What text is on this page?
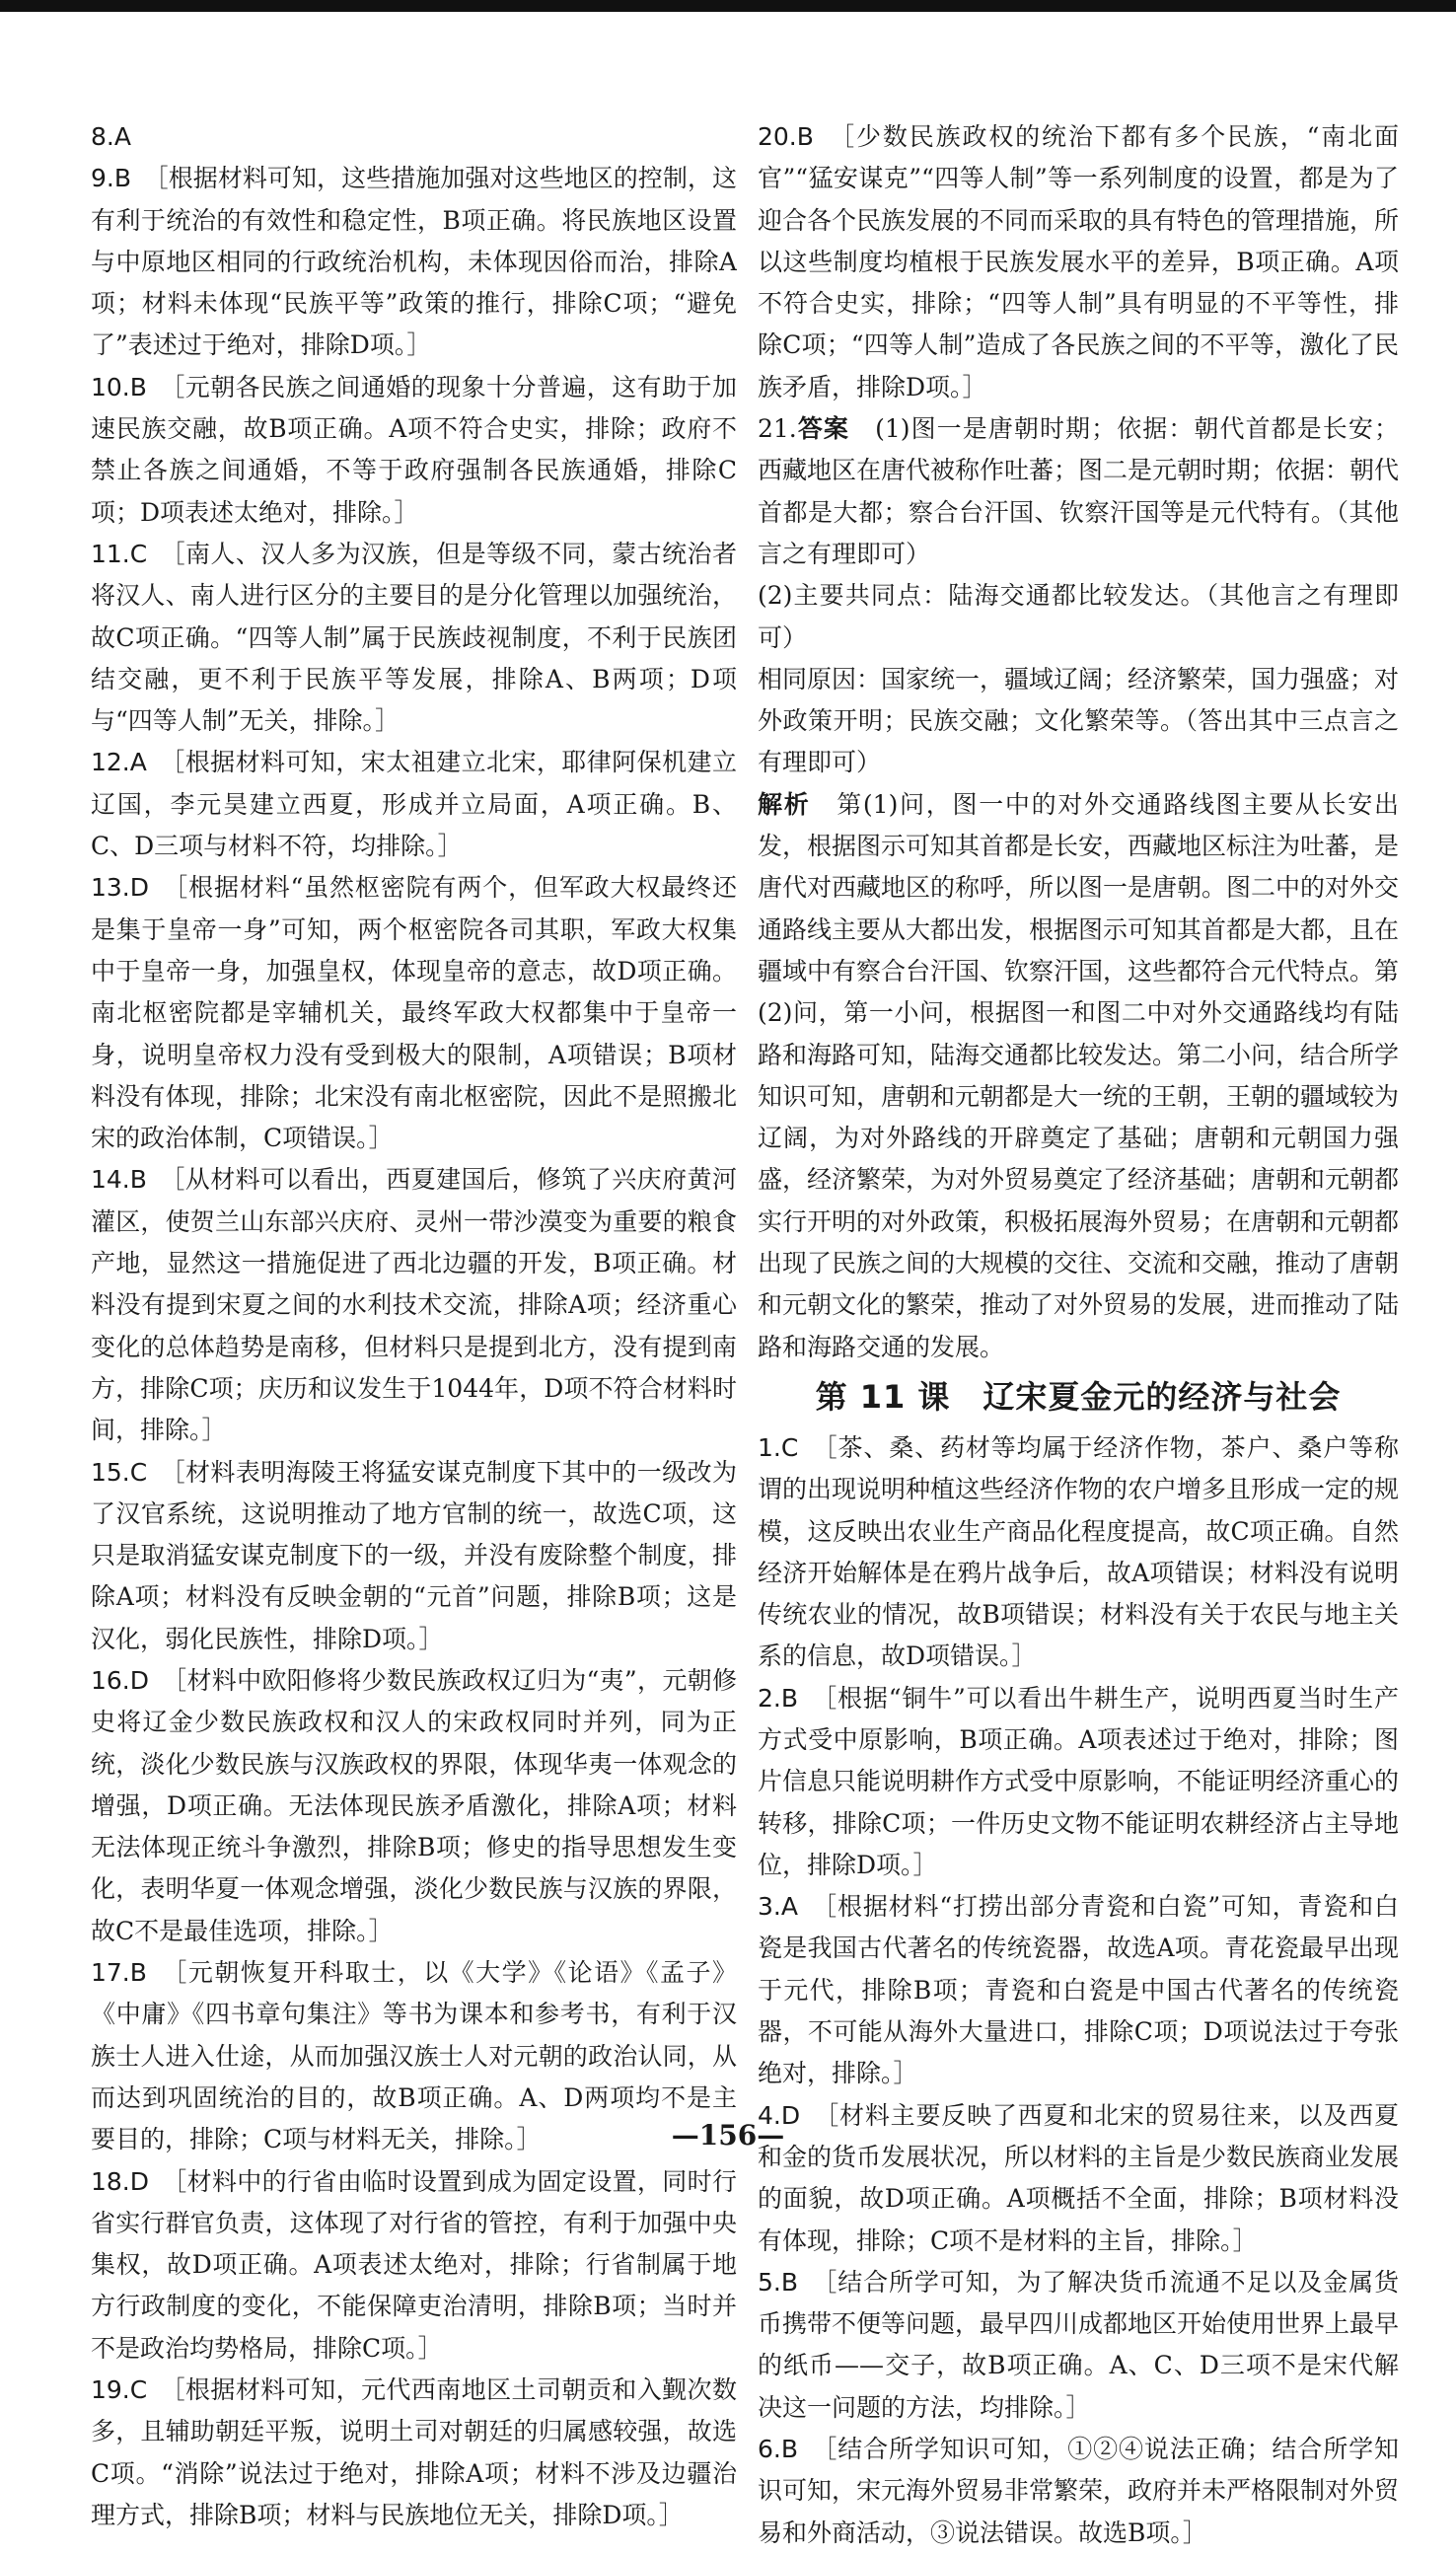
8.A　

9.B　 ［根据材料可知，这些措施加强对这些地区的控制，这有利于统治的有效性和稳定性，B项正确。将民族地区设置与中原地区相同的行政统治机构，未体现因俗而治，排除A项；材料未体现“民族平等”政策的推行，排除C项；“避免了”表述过于绝对，排除D项。］

10.B　 ［元朝各民族之间通婚的现象十分普遍，这有助于加速民族交融，故B项正确。A项不符合史实，排除；政府不禁止各族之间通婚，不等于政府强制各民族通婚，排除C项；D项表述太绝对，排除。］

11.C　 ［南人、汉人多为汉族，但是等级不同，蒙古统治者将汉人、南人进行区分的主要目的是分化管理以加强统治，故C项正确。“四等人制”属于民族歧视制度，不利于民族团结交融，更不利于民族平等发展，排除A、B两项；D项与“四等人制”无关，排除。］

12.A　 ［根据材料可知，宋太祖建立北宋，耶律阿保机建立辽国，李元昊建立西夏，形成并立局面，A项正确。B、C、D三项与材料不符，均排除。］

13.D　 ［根据材料“虽然枢密院有两个，但军政大权最终还是集于皇帝一身”可知，两个枢密院各司其职，军政大权集中于皇帝一身，加强皇权，体现皇帝的意志，故D项正确。南北枢密院都是宰辅机关，最终军政大权都集中于皇帝一身，说明皇帝权力没有受到极大的限制，A项错误；B项材料没有体现，排除；北宋没有南北枢密院，因此不是照搬北宋的政治体制，C项错误。］

14.B　 ［从材料可以看出，西夏建国后，修筑了兴庆府黄河灌区，使贺兰山东部兴庆府、灵州一带沙漠变为重要的粮食产地，显然这一措施促进了西北边疆的开发，B项正确。材料没有提到宋夏之间的水利技术交流，排除A项；经济重心变化的总体趋势是南移，但材料只是提到北方，没有提到南方，排除C项；庆历和议发生于1044年，D项不符合材料时间，排除。］

15.C　 ［材料表明海陵王将猛安谋克制度下其中的一级改为了汉官系统，这说明推动了地方官制的统一，故选C项，这只是取消猛安谋克制度下的一级，并没有废除整个制度，排除A项；材料没有反映金朝的“元首”问题，排除B项；这是汉化，弱化民族性，排除D项。］

16.D　 ［材料中欧阳修将少数民族政权辽归为“夷”，元朝修史将辽金少数民族政权和汉人的宋政权同时并列，同为正统，淡化少数民族与汉族政权的界限，体现华夷一体观念的增强，D项正确。无法体现民族矛盾激化，排除A项；材料无法体现正统斗争激烈，排除B项；修史的指导思想发生变化，表明华夏一体观念增强，淡化少数民族与汉族的界限，故C不是最佳选项，排除。］

17.B　 ［元朝恢复开科取士，以《大学》《论语》《孟子》《中庸》《四书章句集注》等书为课本和参考书，有利于汉族士人进入仕途，从而加强汉族士人对元朝的政治认同，从而达到巩固统治的目的，故B项正确。A、D两项均不是主要目的，排除；C项与材料无关，排除。］

18.D　 ［材料中的行省由临时设置到成为固定设置，同时行省实行群官负责，这体现了对行省的管控，有利于加强中央集权，故D项正确。A项表述太绝对，排除；行省制属于地方行政制度的变化，不能保障吏治清明，排除B项；当时并不是政治均势格局，排除C项。］

19.C　 ［根据材料可知，元代西南地区土司朝贡和入觐次数多，且辅助朝廷平叛，说明土司对朝廷的归属感较强，故选C项。“消除”说法过于绝对，排除A项；材料不涉及边疆治理方式，排除B项；材料与民族地位无关，排除D项。］

20.B　 ［少数民族政权的统治下都有多个民族，“南北面官”“猛安谋克”“四等人制”等一系列制度的设置，都是为了迎合各个民族发展的不同而采取的具有特色的管理措施，所以这些制度均植根于民族发展水平的差异，B项正确。A项不符合史实，排除；“四等人制”具有明显的不平等性，排除C项；“四等人制”造成了各民族之间的不平等，激化了民族矛盾，排除D项。］

21.答案　 (1)图一是唐朝时期；依据：朝代首都是长安；西藏地区在唐代被称作吐蕃；图二是元朝时期；依据：朝代首都是大都；察合台汗国、钦察汗国等是元代特有。（其他言之有理即可）

(2)主要共同点：陆海交通都比较发达。（其他言之有理即可）

相同原因：国家统一，疆域辽阔；经济繁荣，国力强盛；对外政策开明；民族交融；文化繁荣等。（答出其中三点言之有理即可）

解析　 第(1)问，图一中的对外交通路线图主要从长安出发，根据图示可知其首都是长安，西藏地区标注为吐蕃，是唐代对西藏地区的称呼，所以图一是唐朝。图二中的对外交通路线主要从大都出发，根据图示可知其首都是大都，且在疆域中有察合台汗国、钦察汗国，这些都符合元代特点。第(2)问，第一小问，根据图一和图二中对外交通路线均有陆路和海路可知，陆海交通都比较发达。第二小问，结合所学知识可知，唐朝和元朝都是大一统的王朝，王朝的疆域较为辽阔，为对外路线的开辟奠定了基础；唐朝和元朝国力强盛，经济繁荣，为对外贸易奠定了经济基础；唐朝和元朝都实行开明的对外政策，积极拓展海外贸易；在唐朝和元朝都出现了民族之间的大规模的交往、交流和交融，推动了唐朝和元朝文化的繁荣，推动了对外贸易的发展，进而推动了陆路和海路交通的发展。

第 11 课　辽宋夏金元的经济与社会

1.C　 ［茶、桑、药材等均属于经济作物，茶户、桑户等称谓的出现说明种植这些经济作物的农户增多且形成一定的规模，这反映出农业生产商品化程度提高，故C项正确。自然经济开始解体是在鸦片战争后，故A项错误；材料没有说明传统农业的情况，故B项错误；材料没有关于农民与地主关系的信息，故D项错误。］

2.B　 ［根据“铜牛”可以看出牛耕生产，说明西夏当时生产方式受中原影响，B项正确。A项表述过于绝对，排除；图片信息只能说明耕作方式受中原影响，不能证明经济重心的转移，排除C项；一件历史文物不能证明农耕经济占主导地位，排除D项。］

3.A　 ［根据材料“打捞出部分青瓷和白瓷”可知，青瓷和白瓷是我国古代著名的传统瓷器，故选A项。青花瓷最早出现于元代，排除B项；青瓷和白瓷是中国古代著名的传统瓷器，不可能从海外大量进口，排除C项；D项说法过于夸张绝对，排除。］

4.D　 ［材料主要反映了西夏和北宋的贸易往来，以及西夏和金的货币发展状况，所以材料的主旨是少数民族商业发展的面貌，故D项正确。A项概括不全面，排除；B项材料没有体现，排除；C项不是材料的主旨，排除。］

5.B　 ［结合所学可知，为了解决货币流通不足以及金属货币携带不便等问题，最早四川成都地区开始使用世界上最早的纸币——交子，故B项正确。A、C、D三项不是宋代解决这一问题的方法，均排除。］

6.B　 ［结合所学知识可知，①②④说法正确；结合所学知识可知，宋元海外贸易非常繁荣，政府并未严格限制对外贸易和外商活动，③说法错误。故选B项。］

—156—
